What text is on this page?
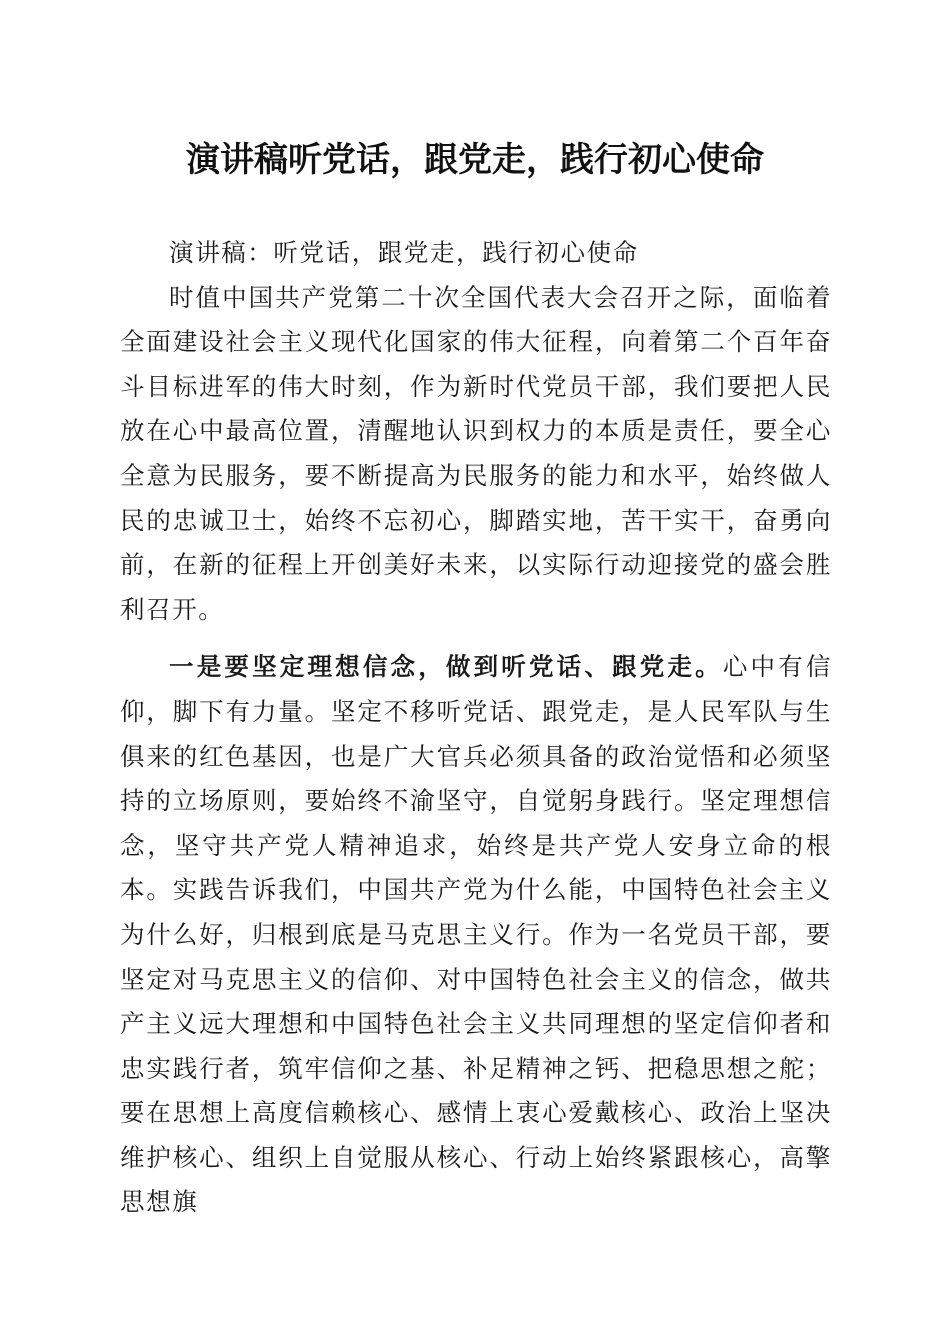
演讲稿听党话，跟党走，践行初心使命

演讲稿：听党话，跟党走，践行初心使命

时值中国共产党第二十次全国代表大会召开之际，面临着全面建设社会主义现代化国家的伟大征程，向着第二个百年奋斗目标进军的伟大时刻，作为新时代党员干部，我们要把人民放在心中最高位置，清醒地认识到权力的本质是责任，要全心全意为民服务，要不断提高为民服务的能力和水平，始终做人民的忠诚卫士，始终不忘初心，脚踏实地，苦干实干，奋勇向前，在新的征程上开创美好未来，以实际行动迎接党的盛会胜利召开。

一是要坚定理想信念，做到听党话、跟党走。心中有信仰，脚下有力量。坚定不移听党话、跟党走，是人民军队与生俱来的红色基因，也是广大官兵必须具备的政治觉悟和必须坚持的立场原则，要始终不渝坚守，自觉躬身践行。坚定理想信念，坚守共产党人精神追求，始终是共产党人安身立命的根本。实践告诉我们，中国共产党为什么能，中国特色社会主义为什么好，归根到底是马克思主义行。作为一名党员干部，要坚定对马克思主义的信仰、对中国特色社会主义的信念，做共产主义远大理想和中国特色社会主义共同理想的坚定信仰者和忠实践行者，筑牢信仰之基、补足精神之钙、把稳思想之舵；要在思想上高度信赖核心、感情上衷心爱戴核心、政治上坚决维护核心、组织上自觉服从核心、行动上始终紧跟核心，高擎思想旗
